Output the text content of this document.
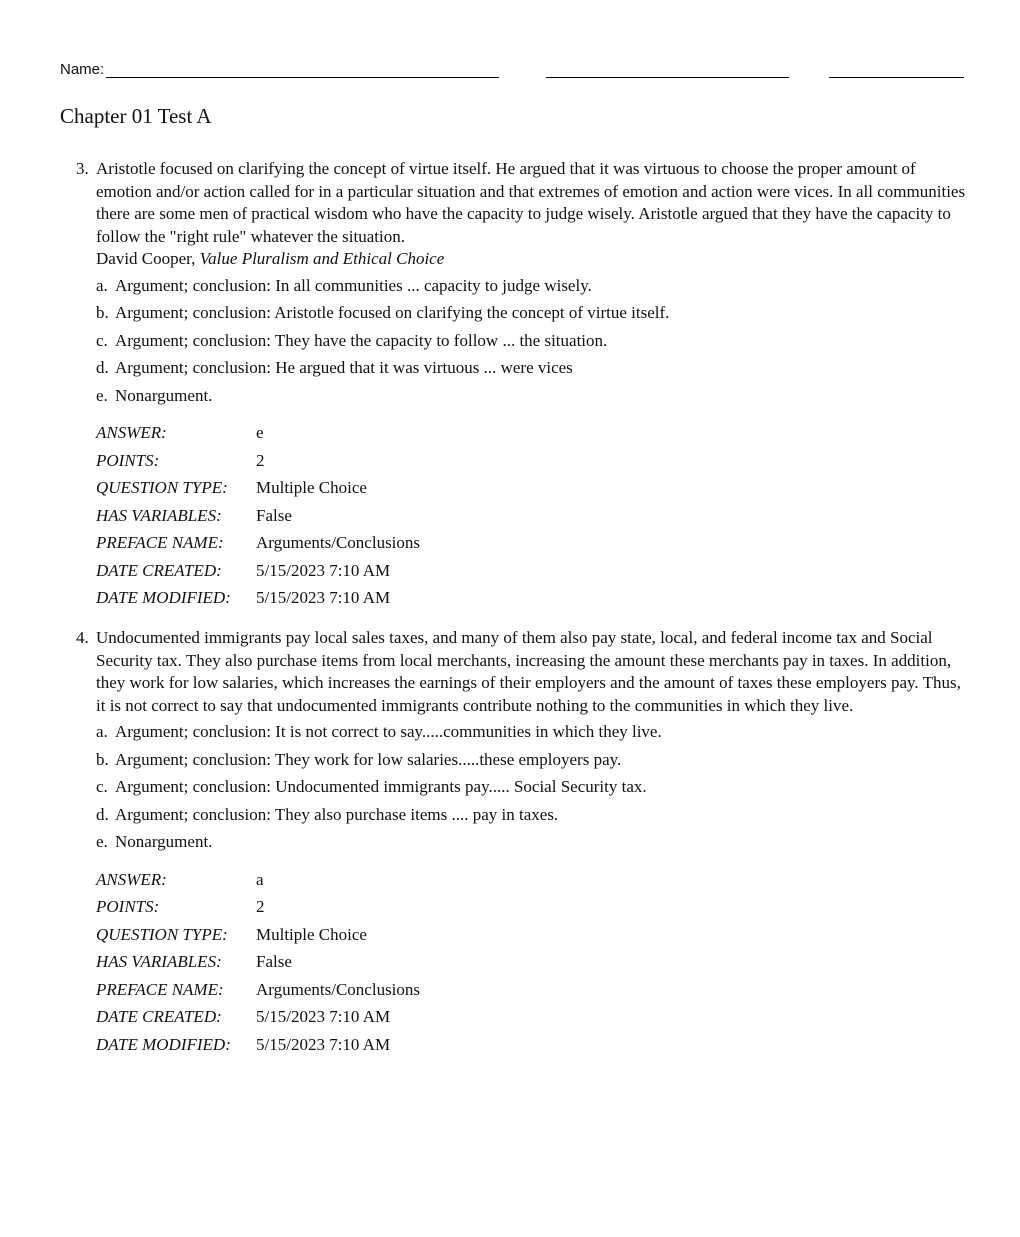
Name:
Chapter 01 Test A
3. Aristotle focused on clarifying the concept of virtue itself. He argued that it was virtuous to choose the proper amount of emotion and/or action called for in a particular situation and that extremes of emotion and action were vices. In all communities there are some men of practical wisdom who have the capacity to judge wisely. Aristotle argued that they have the capacity to follow the "right rule" whatever the situation.
David Cooper, Value Pluralism and Ethical Choice
a. Argument; conclusion: In all communities ... capacity to judge wisely.
b. Argument; conclusion: Aristotle focused on clarifying the concept of virtue itself.
c. Argument; conclusion: They have the capacity to follow ... the situation.
d. Argument; conclusion: He argued that it was virtuous ... were vices
e. Nonargument.
ANSWER:	e
POINTS:	2
QUESTION TYPE:	Multiple Choice
HAS VARIABLES:	False
PREFACE NAME:	Arguments/Conclusions
DATE CREATED:	5/15/2023 7:10 AM
DATE MODIFIED:	5/15/2023 7:10 AM
4. Undocumented immigrants pay local sales taxes, and many of them also pay state, local, and federal income tax and Social Security tax. They also purchase items from local merchants, increasing the amount these merchants pay in taxes. In addition, they work for low salaries, which increases the earnings of their employers and the amount of taxes these employers pay. Thus, it is not correct to say that undocumented immigrants contribute nothing to the communities in which they live.
a. Argument; conclusion: It is not correct to say.....communities in which they live.
b. Argument; conclusion: They work for low salaries.....these employers pay.
c. Argument; conclusion: Undocumented immigrants pay..... Social Security tax.
d. Argument; conclusion: They also purchase items .... pay in taxes.
e. Nonargument.
ANSWER:	a
POINTS:	2
QUESTION TYPE:	Multiple Choice
HAS VARIABLES:	False
PREFACE NAME:	Arguments/Conclusions
DATE CREATED:	5/15/2023 7:10 AM
DATE MODIFIED:	5/15/2023 7:10 AM
